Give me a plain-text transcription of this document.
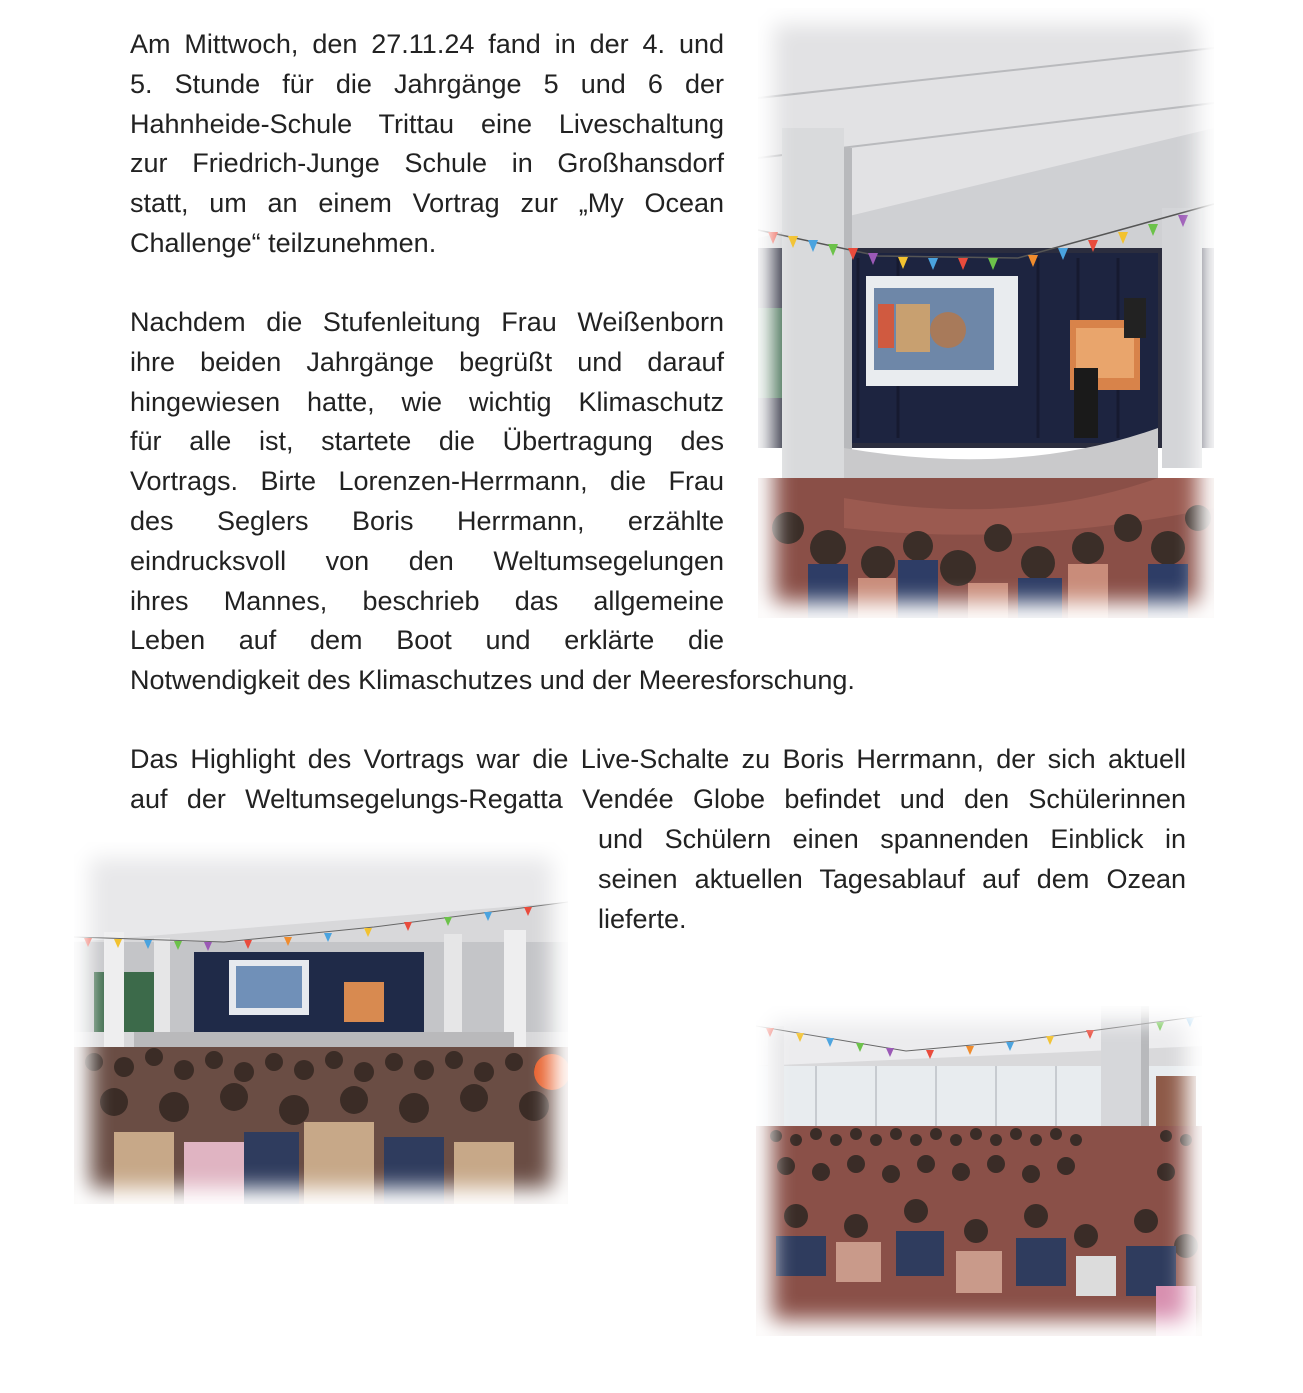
Am Mittwoch, den 27.11.24 fand in der 4. und
5. Stunde für die Jahrgänge 5 und 6 der
Hahnheide-Schule Trittau eine Liveschaltung
zur Friedrich-Junge Schule in Großhansdorf
statt, um an einem Vortrag zur „My Ocean
Challenge“ teilzunehmen.
Nachdem die Stufenleitung Frau Weißenborn
ihre beiden Jahrgänge begrüßt und darauf
hingewiesen hatte, wie wichtig Klimaschutz
für alle ist, startete die Übertragung des
Vortrags. Birte Lorenzen-Herrmann, die Frau
des Seglers Boris Herrmann, erzählte
eindrucksvoll von den Weltumsegelungen
ihres Mannes, beschrieb das allgemeine
Leben auf dem Boot und erklärte die
Notwendigkeit des Klimaschutzes und der Meeresforschung.
Das Highlight des Vortrags war die Live-Schalte zu Boris Herrmann, der sich aktuell
auf der Weltumsegelungs-Regatta Vendée Globe befindet und den Schülerinnen
und Schülern einen spannenden Einblick in
seinen aktuellen Tagesablauf auf dem Ozean
lieferte.
